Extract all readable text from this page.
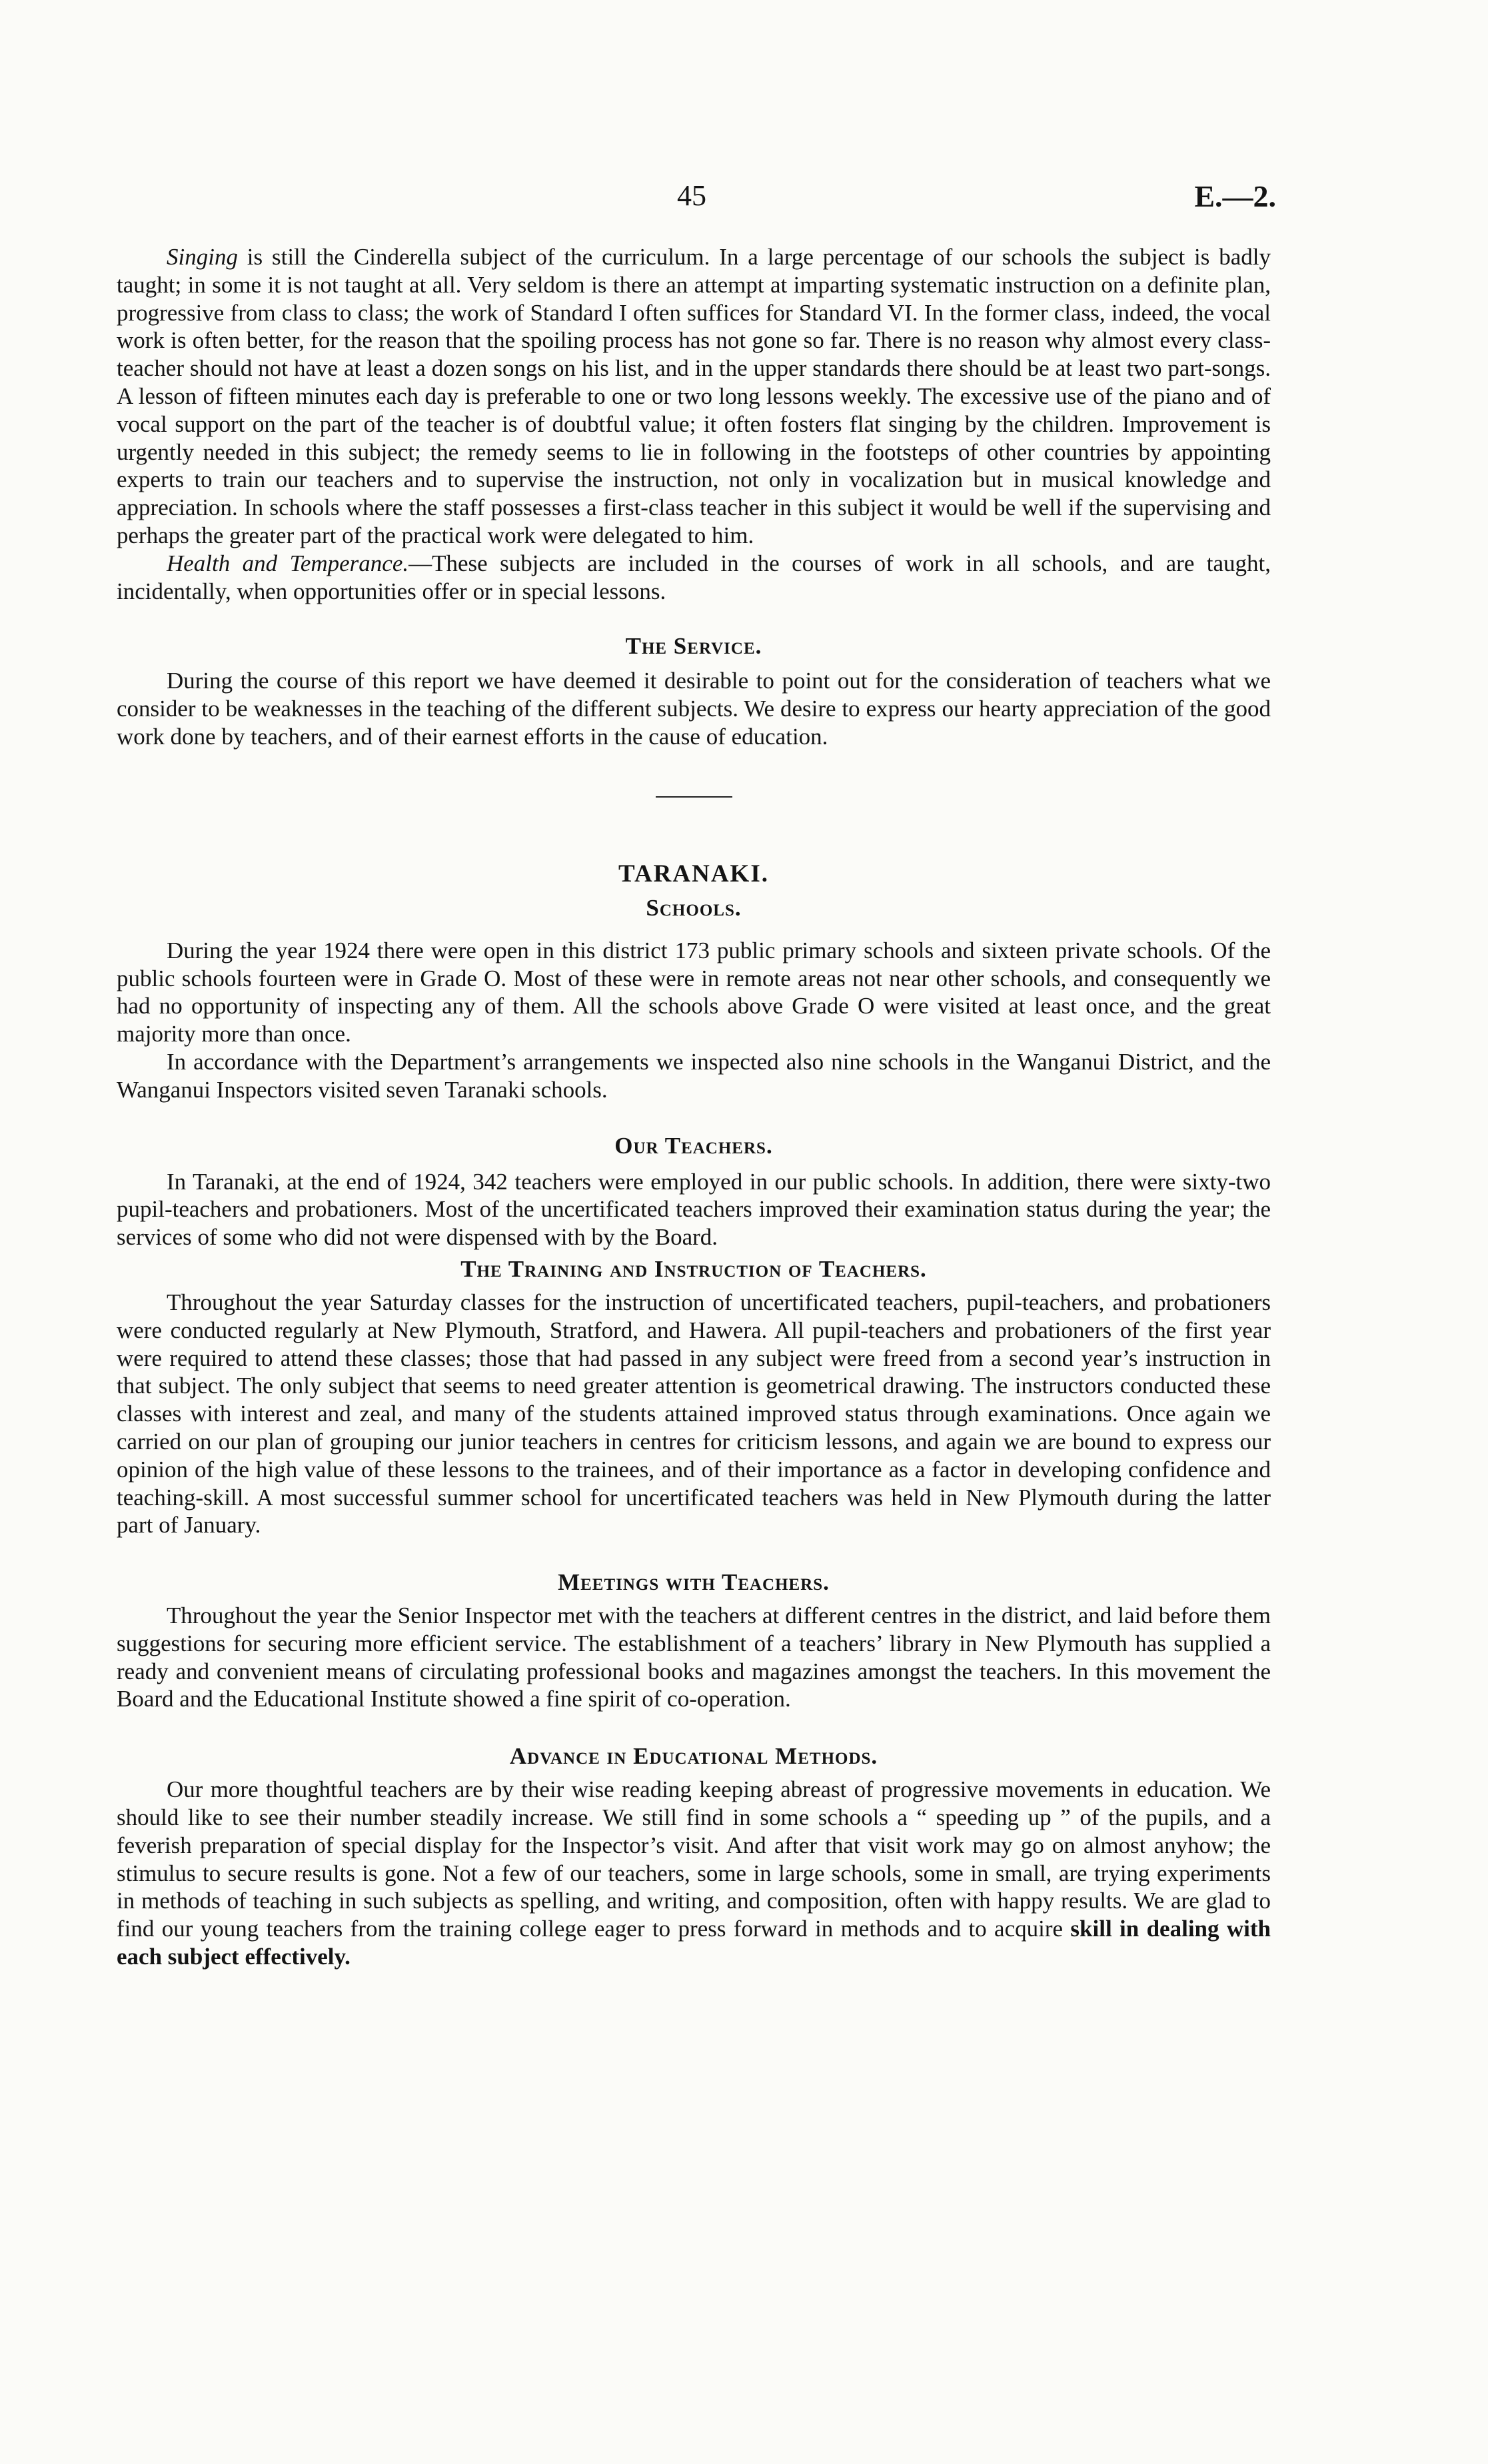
45	E.—2.

Singing is still the Cinderella subject of the curriculum. In a large percentage of our schools the subject is badly taught; in some it is not taught at all. Very seldom is there an attempt at imparting systematic instruction on a definite plan, progressive from class to class; the work of Standard I often suffices for Standard VI. In the former class, indeed, the vocal work is often better, for the reason that the spoiling process has not gone so far. There is no reason why almost every class-teacher should not have at least a dozen songs on his list, and in the upper standards there should be at least two part-songs. A lesson of fifteen minutes each day is preferable to one or two long lessons weekly. The excessive use of the piano and of vocal support on the part of the teacher is of doubtful value; it often fosters flat singing by the children. Improvement is urgently needed in this subject; the remedy seems to lie in following in the footsteps of other countries by appointing experts to train our teachers and to supervise the instruction, not only in vocalization but in musical knowledge and appreciation. In schools where the staff possesses a first-class teacher in this subject it would be well if the supervising and perhaps the greater part of the practical work were delegated to him.

Health and Temperance.—These subjects are included in the courses of work in all schools, and are taught, incidentally, when opportunities offer or in special lessons.

The Service.

During the course of this report we have deemed it desirable to point out for the consideration of teachers what we consider to be weaknesses in the teaching of the different subjects. We desire to express our hearty appreciation of the good work done by teachers, and of their earnest efforts in the cause of education.

TARANAKI.
Schools.

During the year 1924 there were open in this district 173 public primary schools and sixteen private schools. Of the public schools fourteen were in Grade O. Most of these were in remote areas not near other schools, and consequently we had no opportunity of inspecting any of them. All the schools above Grade O were visited at least once, and the great majority more than once.

In accordance with the Department’s arrangements we inspected also nine schools in the Wanganui District, and the Wanganui Inspectors visited seven Taranaki schools.

Our Teachers.

In Taranaki, at the end of 1924, 342 teachers were employed in our public schools. In addition, there were sixty-two pupil-teachers and probationers. Most of the uncertificated teachers improved their examination status during the year; the services of some who did not were dispensed with by the Board.

The Training and Instruction of Teachers.

Throughout the year Saturday classes for the instruction of uncertificated teachers, pupil-teachers, and probationers were conducted regularly at New Plymouth, Stratford, and Hawera. All pupil-teachers and probationers of the first year were required to attend these classes; those that had passed in any subject were freed from a second year’s instruction in that subject. The only subject that seems to need greater attention is geometrical drawing. The instructors conducted these classes with interest and zeal, and many of the students attained improved status through examinations. Once again we carried on our plan of grouping our junior teachers in centres for criticism lessons, and again we are bound to express our opinion of the high value of these lessons to the trainees, and of their importance as a factor in developing confidence and teaching-skill. A most successful summer school for uncertificated teachers was held in New Plymouth during the latter part of January.

Meetings with Teachers.

Throughout the year the Senior Inspector met with the teachers at different centres in the district, and laid before them suggestions for securing more efficient service. The establishment of a teachers’ library in New Plymouth has supplied a ready and convenient means of circulating professional books and magazines amongst the teachers. In this movement the Board and the Educational Institute showed a fine spirit of co-operation.

Advance in Educational Methods.

Our more thoughtful teachers are by their wise reading keeping abreast of progressive movements in education. We should like to see their number steadily increase. We still find in some schools a “ speeding up ” of the pupils, and a feverish preparation of special display for the Inspector’s visit. And after that visit work may go on almost anyhow; the stimulus to secure results is gone. Not a few of our teachers, some in large schools, some in small, are trying experiments in methods of teaching in such subjects as spelling, and writing, and composition, often with happy results. We are glad to find our young teachers from the training college eager to press forward in methods and to acquire skill in dealing with each subject effectively.
